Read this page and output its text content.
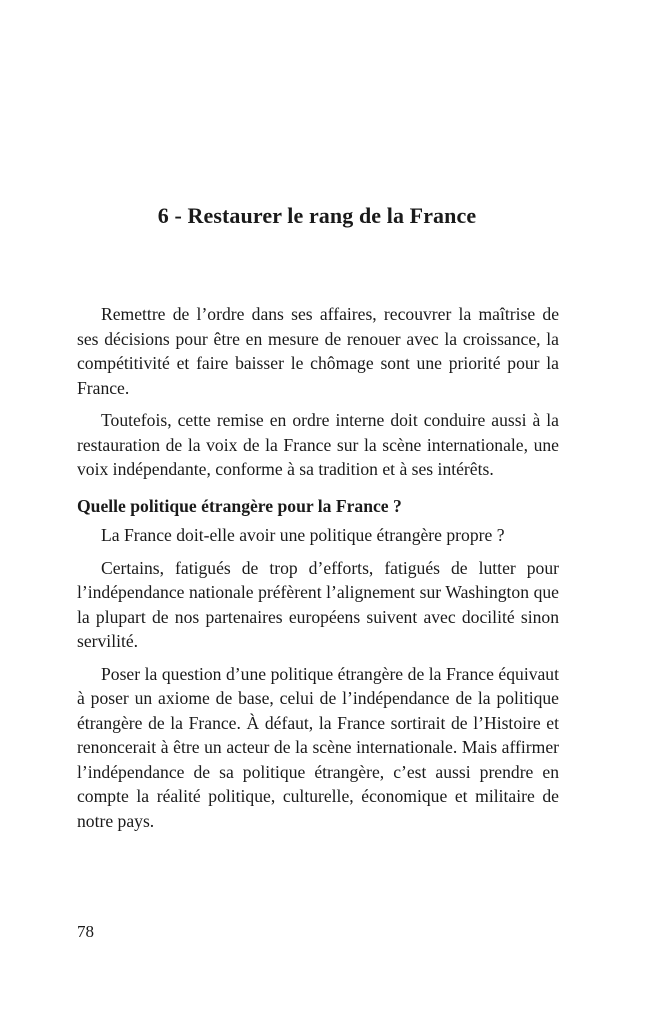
6 - Restaurer le rang de la France

Remettre de l’ordre dans ses affaires, recouvrer la maîtrise de ses décisions pour être en mesure de renouer avec la croissance, la compétitivité et faire baisser le chômage sont une priorité pour la France.

Toutefois, cette remise en ordre interne doit conduire aussi à la restauration de la voix de la France sur la scène internationale, une voix indépendante, conforme à sa tradition et à ses intérêts.

Quelle politique étrangère pour la France ?

La France doit-elle avoir une politique étrangère propre ?

Certains, fatigués de trop d’efforts, fatigués de lutter pour l’indépendance nationale préfèrent l’alignement sur Washington que la plupart de nos partenaires européens suivent avec docilité sinon servilité.

Poser la question d’une politique étrangère de la France équivaut à poser un axiome de base, celui de l’indépendance de la politique étrangère de la France. À défaut, la France sortirait de l’Histoire et renoncerait à être un acteur de la scène internationale. Mais affirmer l’indépendance de sa politique étrangère, c’est aussi prendre en compte la réalité politique, culturelle, économique et militaire de notre pays.

78
